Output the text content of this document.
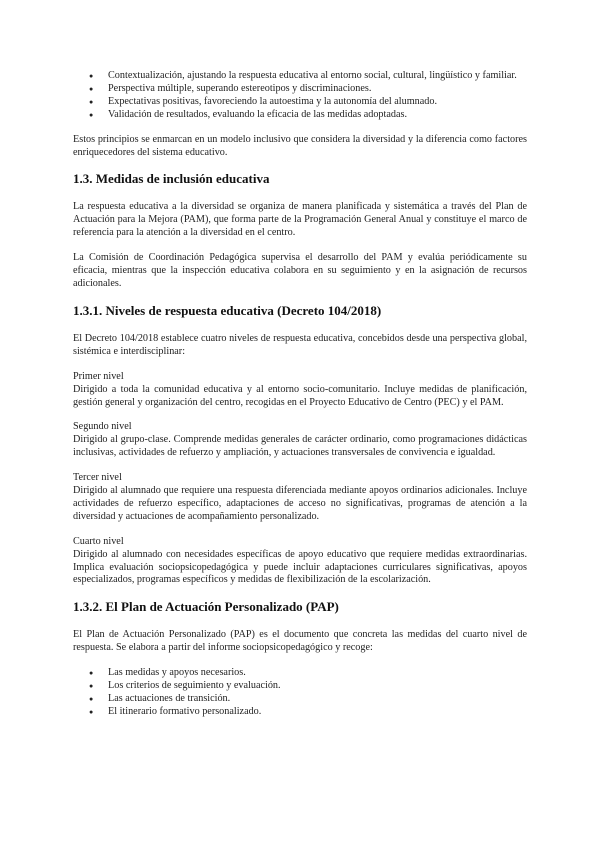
● Contextualización, ajustando la respuesta educativa al entorno social, cultural, lingüístico y familiar.
● Perspectiva múltiple, superando estereotipos y discriminaciones.
● Expectativas positivas, favoreciendo la autoestima y la autonomía del alumnado.
● Validación de resultados, evaluando la eficacia de las medidas adoptadas.

Estos principios se enmarcan en un modelo inclusivo que considera la diversidad y la diferencia como factores enriquecedores del sistema educativo.

1.3. Medidas de inclusión educativa

La respuesta educativa a la diversidad se organiza de manera planificada y sistemática a través del Plan de Actuación para la Mejora (PAM), que forma parte de la Programación General Anual y constituye el marco de referencia para la atención a la diversidad en el centro.

La Comisión de Coordinación Pedagógica supervisa el desarrollo del PAM y evalúa periódicamente su eficacia, mientras que la inspección educativa colabora en su seguimiento y en la asignación de recursos adicionales.

1.3.1. Niveles de respuesta educativa (Decreto 104/2018)

El Decreto 104/2018 establece cuatro niveles de respuesta educativa, concebidos desde una perspectiva global, sistémica e interdisciplinar:

Primer nivel

Dirigido a toda la comunidad educativa y al entorno socio-comunitario. Incluye medidas de planificación, gestión general y organización del centro, recogidas en el Proyecto Educativo de Centro (PEC) y el PAM.

Segundo nivel

Dirigido al grupo-clase. Comprende medidas generales de carácter ordinario, como programaciones didácticas inclusivas, actividades de refuerzo y ampliación, y actuaciones transversales de convivencia e igualdad.

Tercer nivel

Dirigido al alumnado que requiere una respuesta diferenciada mediante apoyos ordinarios adicionales. Incluye actividades de refuerzo específico, adaptaciones de acceso no significativas, programas de atención a la diversidad y actuaciones de acompañamiento personalizado.

Cuarto nivel

Dirigido al alumnado con necesidades específicas de apoyo educativo que requiere medidas extraordinarias. Implica evaluación sociopsicopedagógica y puede incluir adaptaciones curriculares significativas, apoyos especializados, programas específicos y medidas de flexibilización de la escolarización.

1.3.2. El Plan de Actuación Personalizado (PAP)

El Plan de Actuación Personalizado (PAP) es el documento que concreta las medidas del cuarto nivel de respuesta. Se elabora a partir del informe sociopsicopedagógico y recoge:

● Las medidas y apoyos necesarios.
● Los criterios de seguimiento y evaluación.
● Las actuaciones de transición.
● El itinerario formativo personalizado.
